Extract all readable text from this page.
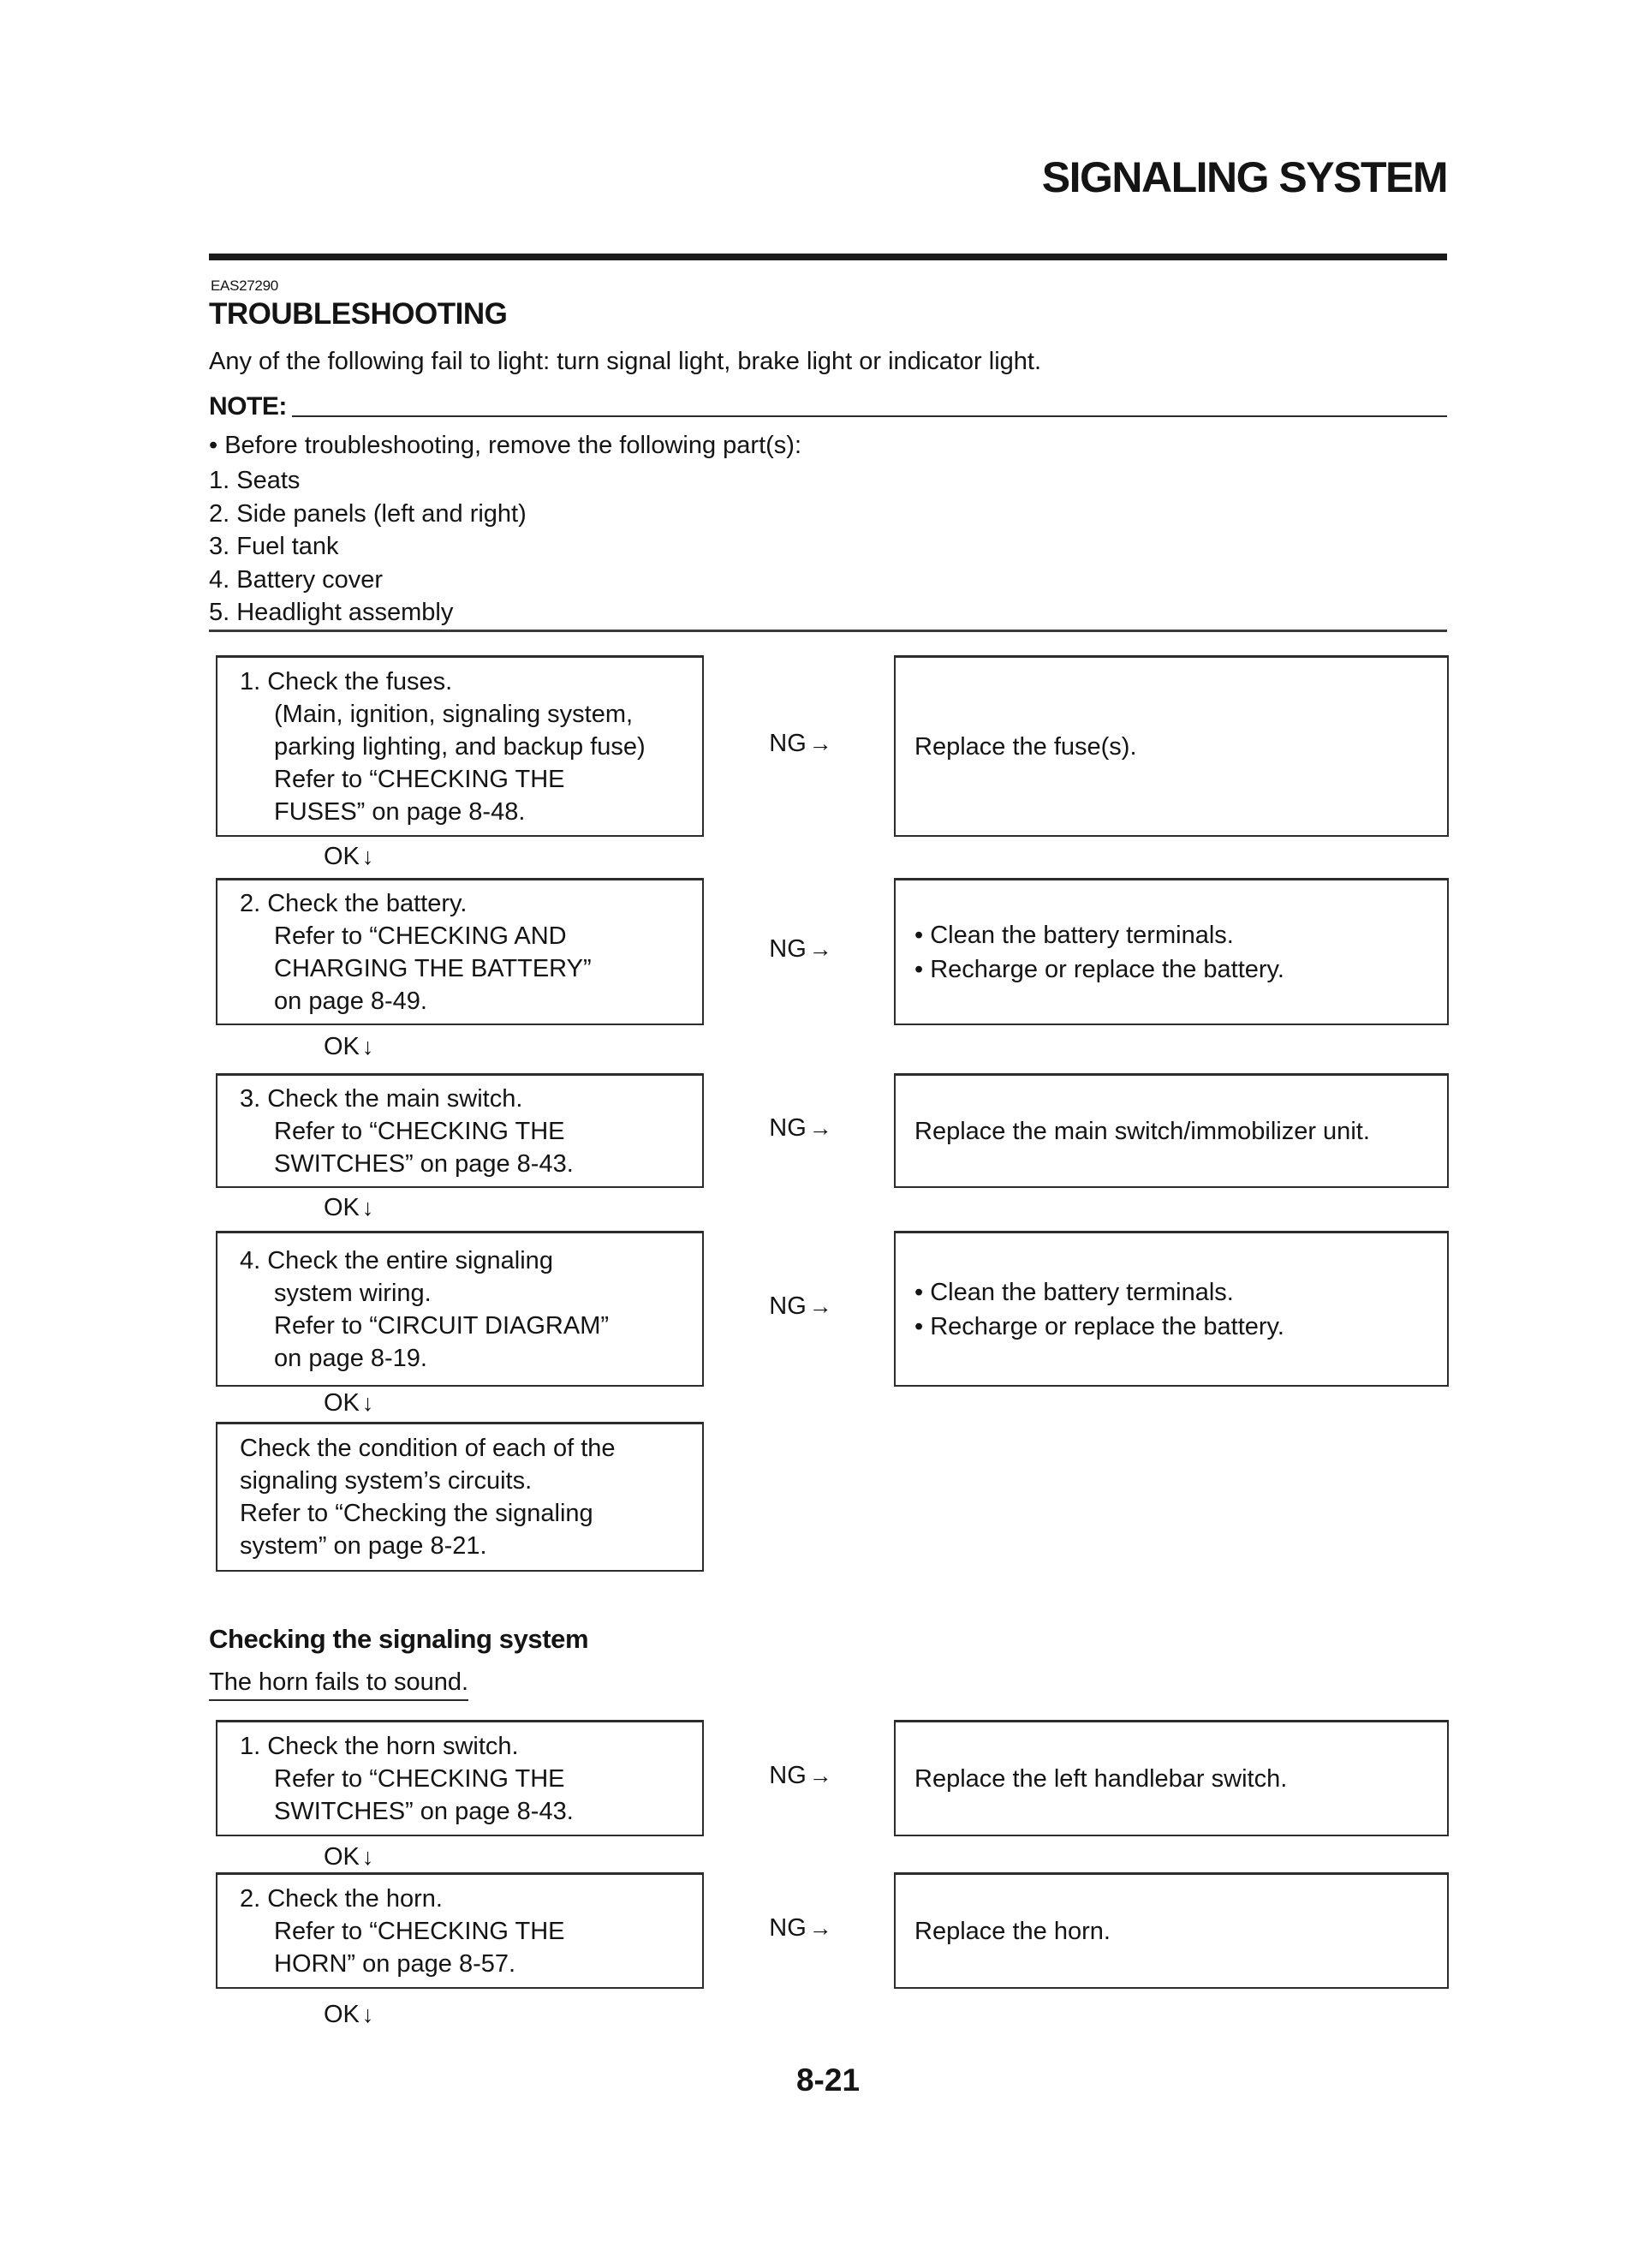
SIGNALING SYSTEM
EAS27290
TROUBLESHOOTING
Any of the following fail to light: turn signal light, brake light or indicator light.
NOTE:
• Before troubleshooting, remove the following part(s):
1. Seats
2. Side panels (left and right)
3. Fuel tank
4. Battery cover
5. Headlight assembly
1. Check the fuses.
(Main, ignition, signaling system,
parking lighting, and backup fuse)
Refer to “CHECKING THE
FUSES” on page 8-48.
NG →	Replace the fuse(s).
OK ↓
2. Check the battery.
Refer to “CHECKING AND
CHARGING THE BATTERY”
on page 8-49.
NG →
• Clean the battery terminals.
• Recharge or replace the battery.
OK ↓
3. Check the main switch.
Refer to “CHECKING THE
SWITCHES” on page 8-43.
NG →	Replace the main switch/immobilizer unit.
OK ↓
4. Check the entire signaling
system wiring.
Refer to “CIRCUIT DIAGRAM”
on page 8-19.
NG →
• Clean the battery terminals.
• Recharge or replace the battery.
OK ↓
Check the condition of each of the
signaling system’s circuits.
Refer to “Checking the signaling
system” on page 8-21.
Checking the signaling system
The horn fails to sound.
1. Check the horn switch.
Refer to “CHECKING THE
SWITCHES” on page 8-43.
NG →	Replace the left handlebar switch.
OK ↓
2. Check the horn.
Refer to “CHECKING THE
HORN” on page 8-57.
NG →	Replace the horn.
OK ↓
8-21
